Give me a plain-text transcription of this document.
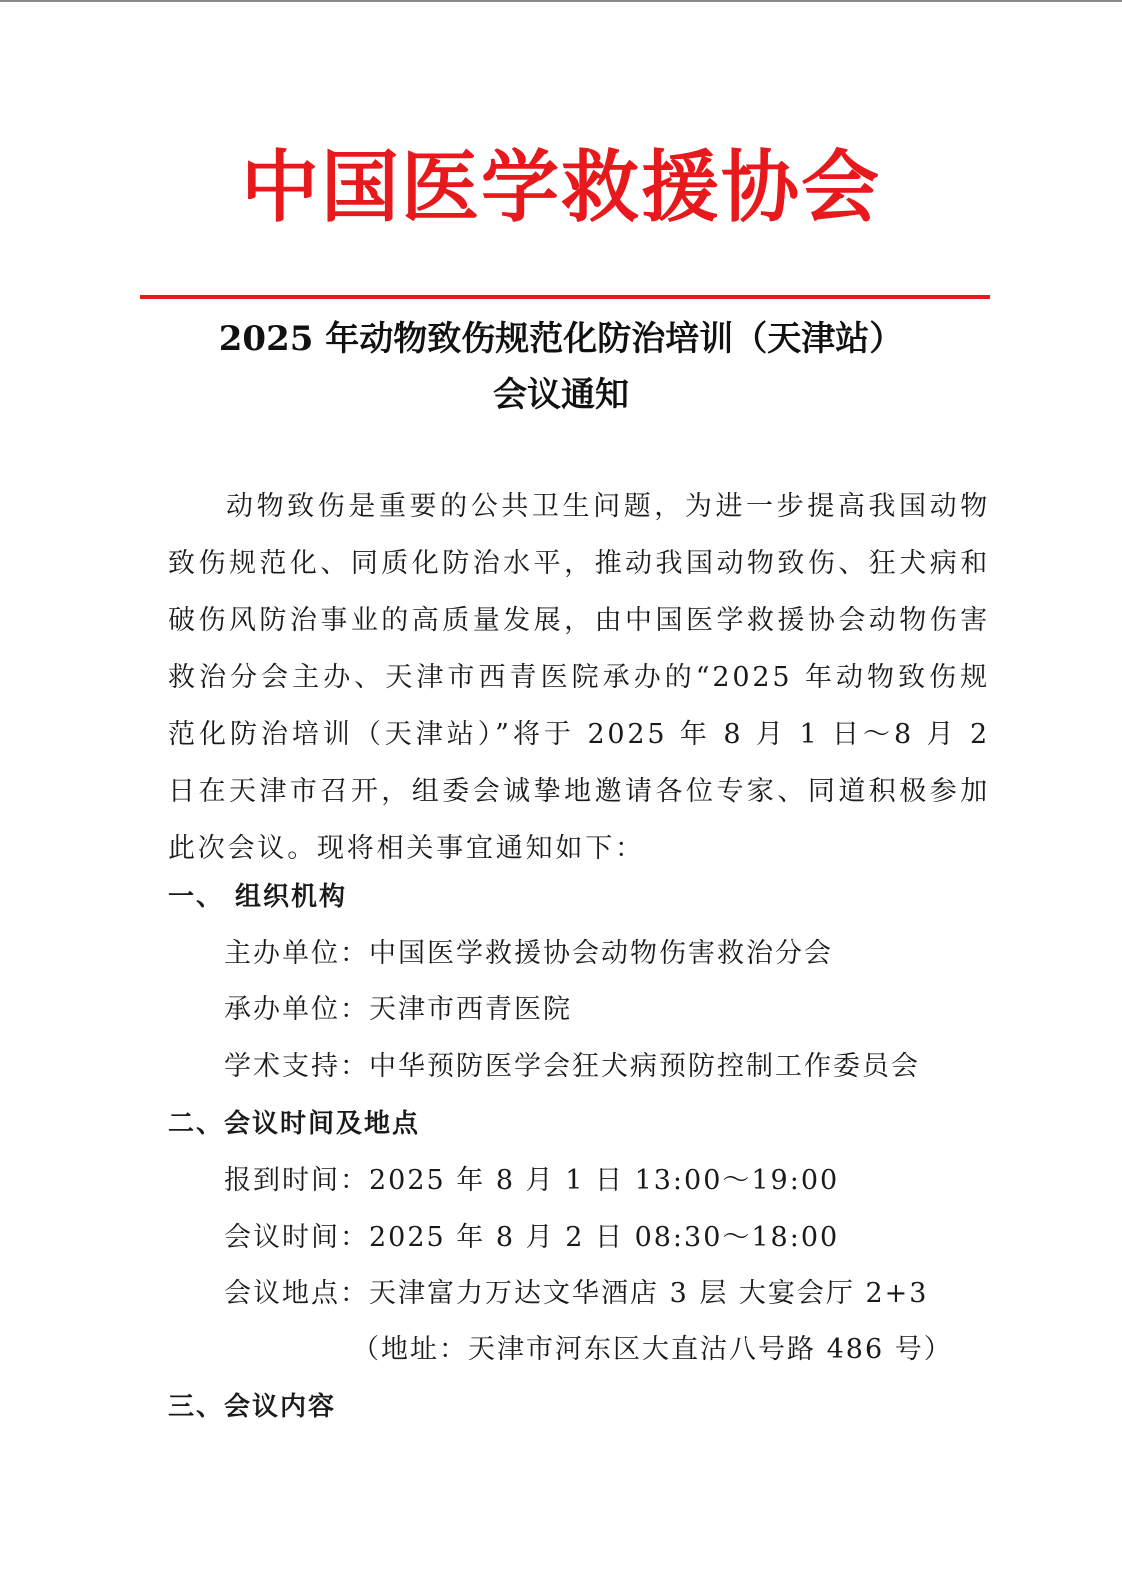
中国医学救援协会
2025 年动物致伤规范化防治培训（天津站）
会议通知
动物致伤是重要的公共卫生问题，为进一步提高我国动物致伤规范化、同质化防治水平，推动我国动物致伤、狂犬病和破伤风防治事业的高质量发展，由中国医学救援协会动物伤害救治分会主办、天津市西青医院承办的“2025 年动物致伤规范化防治培训（天津站）”将于 2025 年 8 月 1 日～8 月 2 日在天津市召开，组委会诚挚地邀请各位专家、同道积极参加此次会议。现将相关事宜通知如下：
一、 组织机构
主办单位：中国医学救援协会动物伤害救治分会
承办单位：天津市西青医院
学术支持：中华预防医学会狂犬病预防控制工作委员会
二、会议时间及地点
报到时间：2025 年 8 月 1 日 13:00～19:00
会议时间：2025 年 8 月 2 日 08:30～18:00
会议地点：天津富力万达文华酒店 3 层 大宴会厅 2+3
（地址：天津市河东区大直沽八号路 486 号）
三、会议内容
